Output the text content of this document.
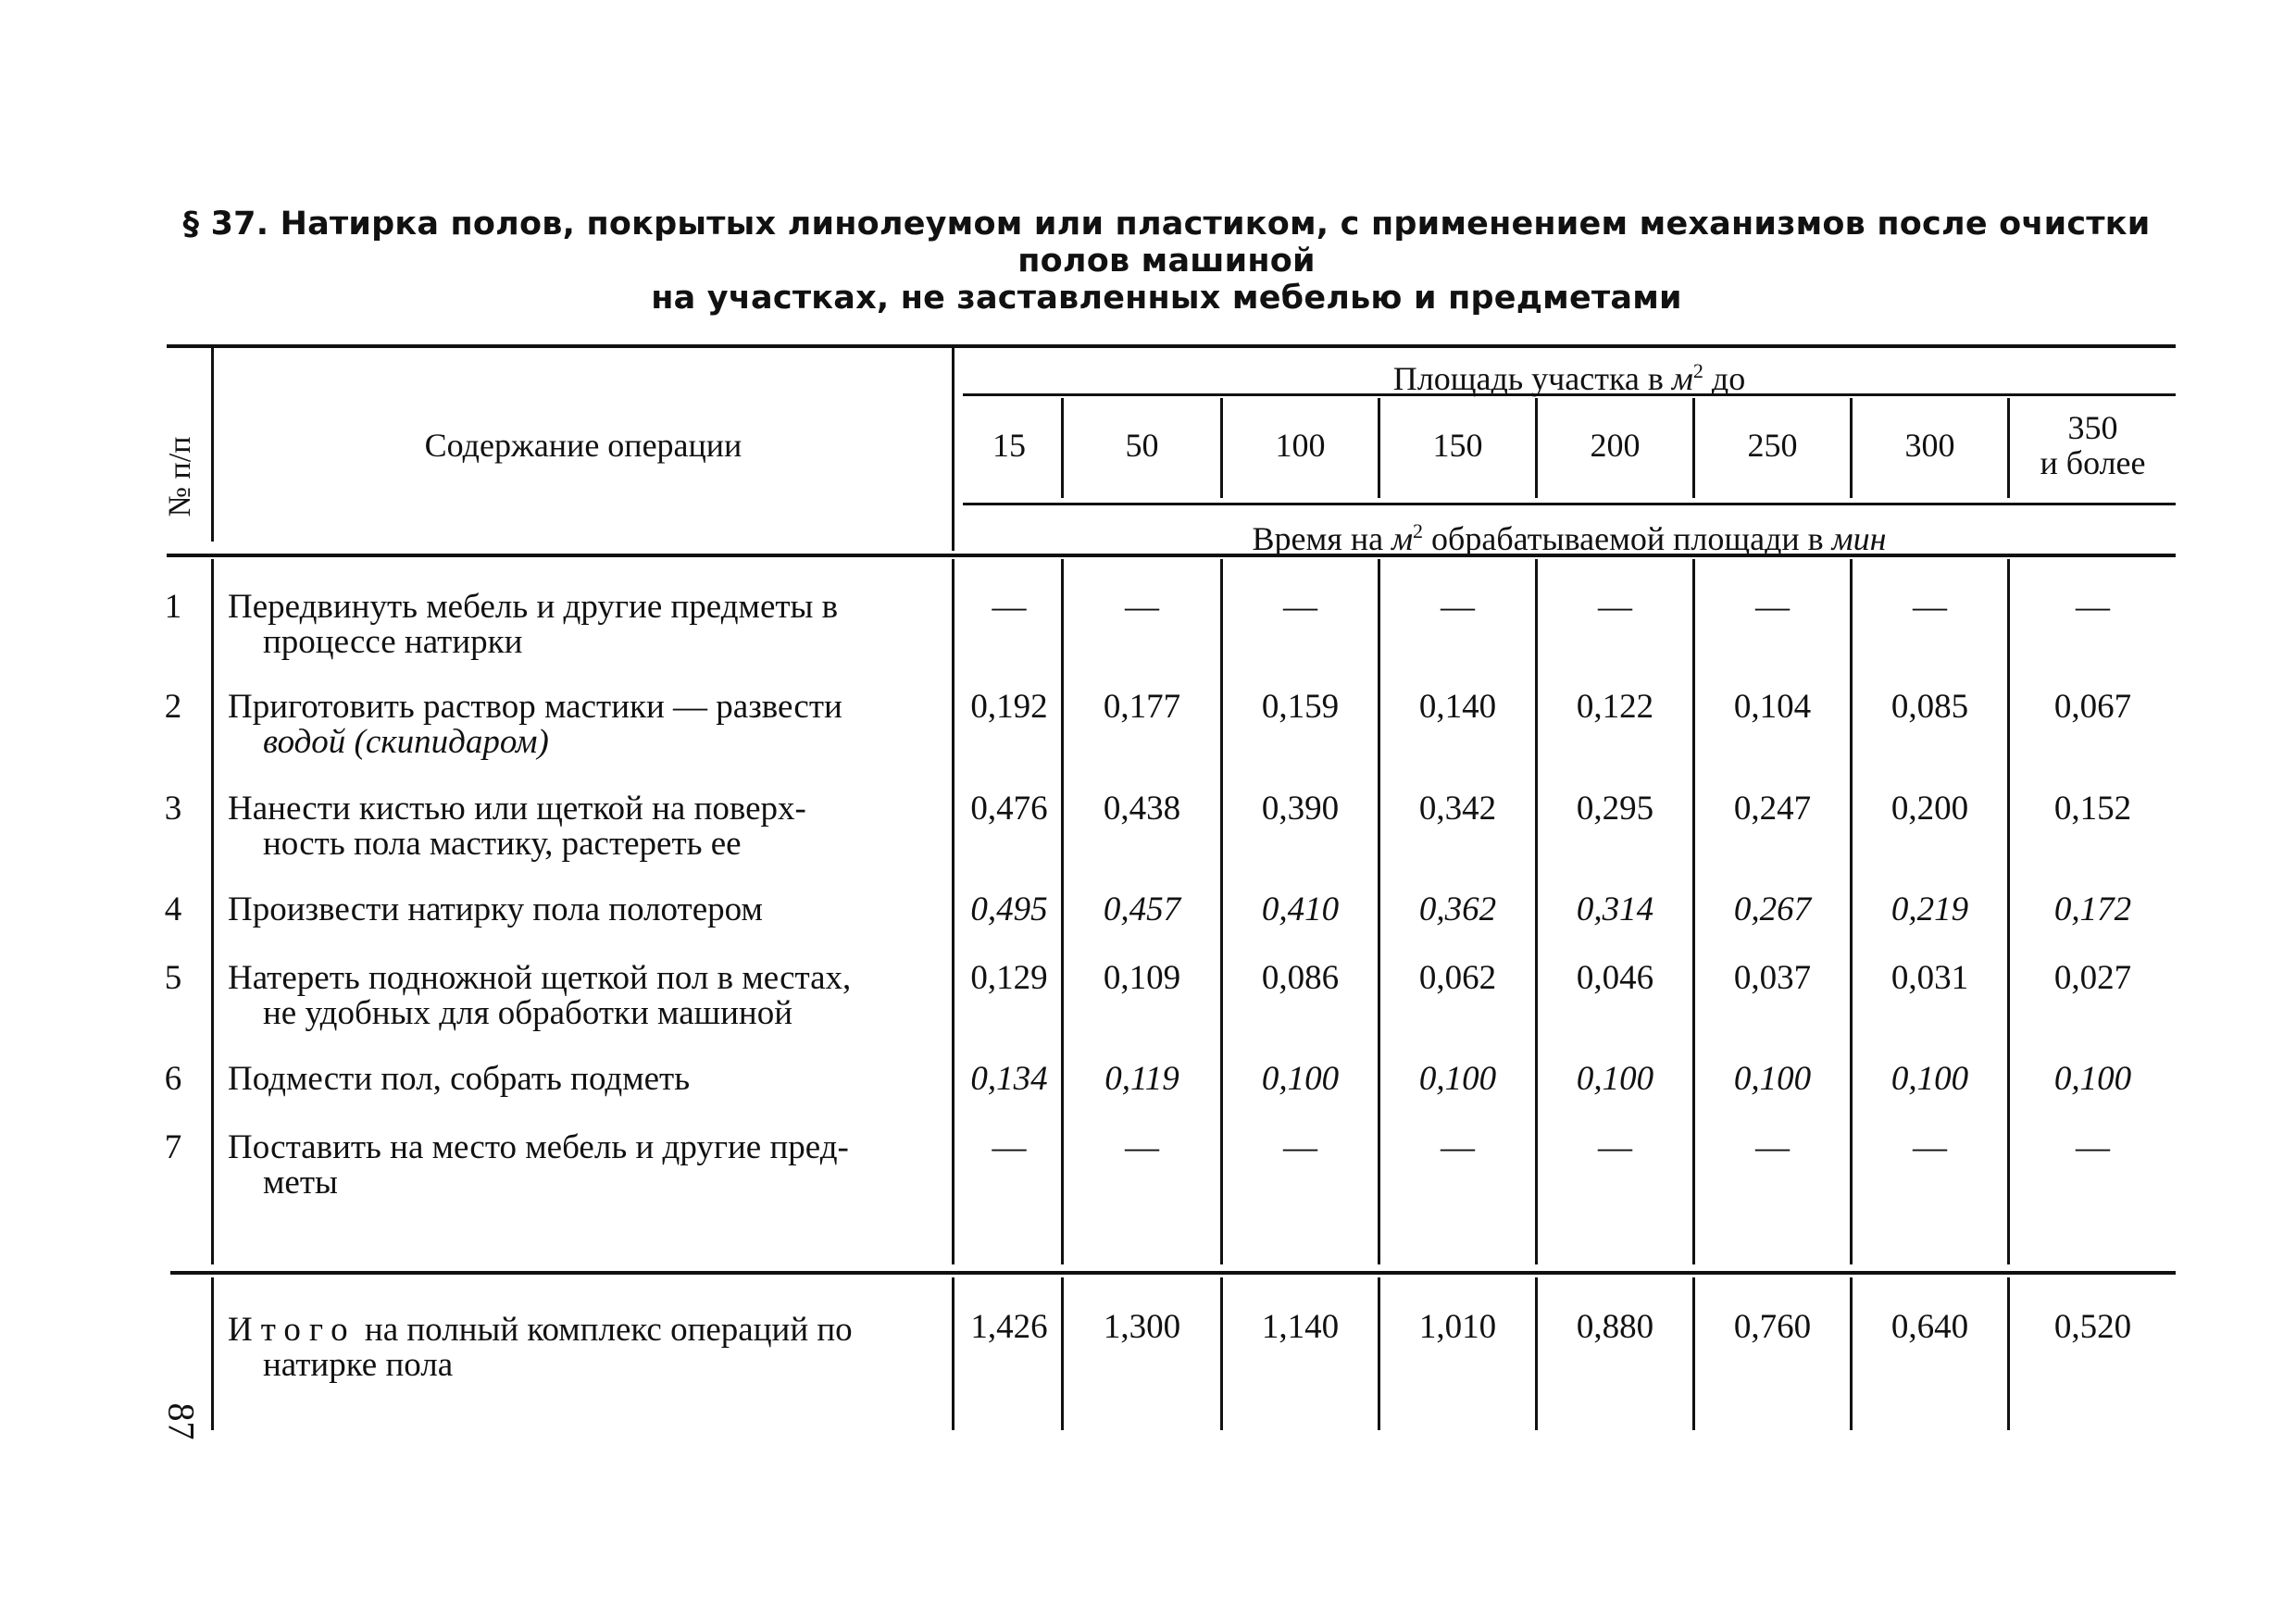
§ 37. Натирка полов, покрытых линолеумом или пластиком, с применением механизмов после очистки полов машиной
на участках, не заставленных мебелью и предметами
№ п/п	Содержание операции
Площадь участка в $м^2$ до
15	50	100	150	200	250	300	350
и более
Время на $м^2$ обрабатываемой площади в мин
1	Передвинуть мебель и другие предметы в
процессе натирки
—	—	—	—	—	—	—	—
2	Приготовить раствор мастики — развести
водой (скипидаром)
0,192	0,177	0,159	0,140	0,122	0,104	0,085	0,067
3	Нанести кистью или щеткой на поверх-
ность пола мастику, растереть ее
0,476	0,438	0,390	0,342	0,295	0,247	0,200	0,152
4	Произвести натирку пола полотером	0,495	0,457	0,410	0,362	0,314	0,267	0,219	0,172
5	Натереть подножной щеткой пол в местах,
не удобных для обработки машиной
0,129	0,109	0,086	0,062	0,046	0,037	0,031	0,027
6	Подмести пол, собрать подметь	0,134	0,119	0,100	0,100	0,100	0,100	0,100	0,100
7	Поставить на место мебель и другие пред-
меты
—	—	—	—	—	—	—	—
Итого на полный комплекс операций по
натирке пола
1,426	1,300	1,140	1,010	0,880	0,760	0,640	0,520
87
